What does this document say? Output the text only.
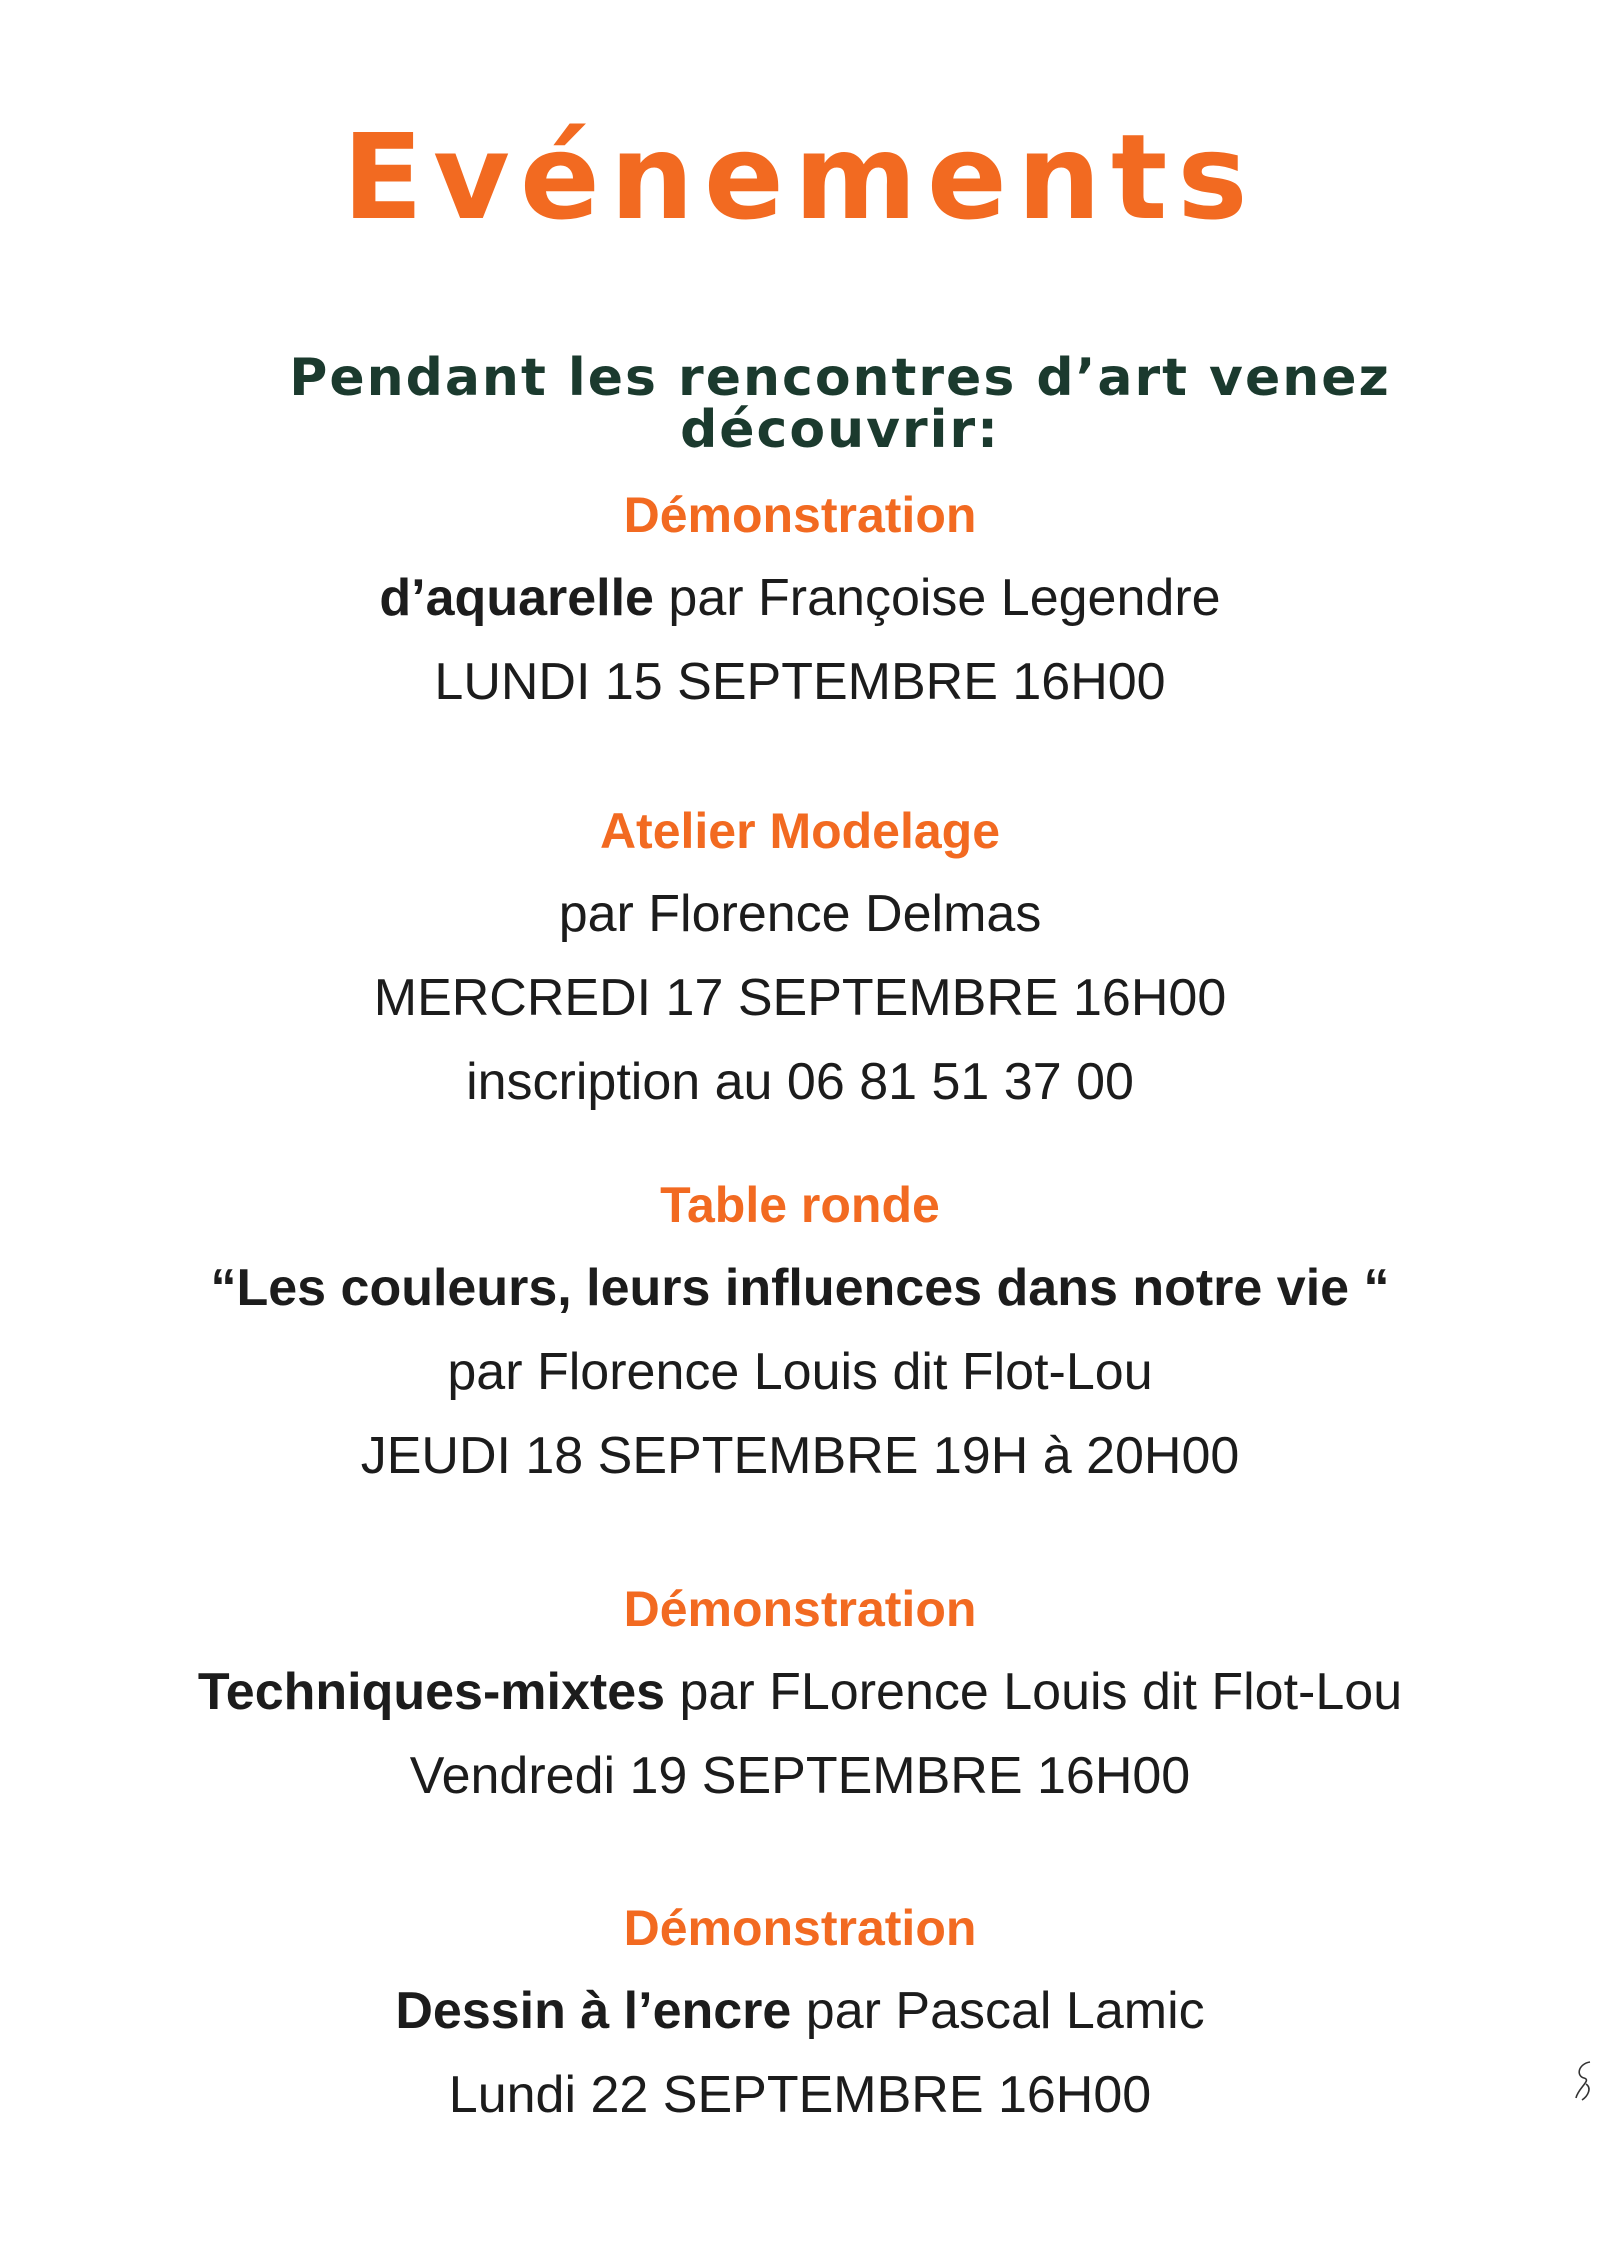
Evénements
Pendant les rencontres d’art venez découvrir:
Démonstration
d’aquarelle par Françoise Legendre
LUNDI 15 SEPTEMBRE 16H00
Atelier Modelage
par Florence Delmas
MERCREDI 17 SEPTEMBRE 16H00
inscription au 06 81 51 37 00
Table ronde
“Les couleurs, leurs influences dans notre vie “
par Florence Louis dit Flot-Lou
JEUDI 18 SEPTEMBRE 19H à 20H00
Démonstration
Techniques-mixtes par FLorence Louis dit Flot-Lou
Vendredi 19 SEPTEMBRE 16H00
Démonstration
Dessin à l’encre par Pascal Lamic
Lundi 22 SEPTEMBRE 16H00
